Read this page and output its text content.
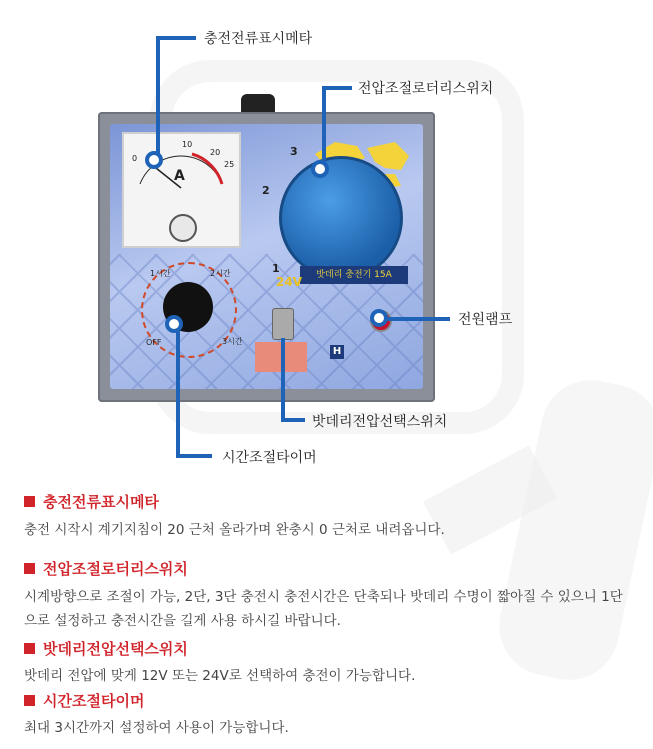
0
10
20
25
A
1
2
3
밧데리 충전기 15A
OFF
1시간	2시간
3시간
24V
H
충전전류표시메타
전압조절로터리스위치
전원램프
밧데리전압선택스위치
시간조절타이머
충전전류표시메타
충전 시작시 계기지침이 20 근처 올라가며 완충시 0 근처로 내려옵니다.
전압조절로터리스위치
시계방향으로 조절이 가능, 2단, 3단 충전시 충전시간은 단축되나 밧데리 수명이 짧아질 수 있으니 1단으로 설정하고 충전시간을 길게 사용 하시길 바랍니다.
밧데리전압선택스위치
밧데리 전압에 맞게 12V 또는 24V로 선택하여 충전이 가능합니다.
시간조절타이머
최대 3시간까지 설정하여 사용이 가능합니다.
